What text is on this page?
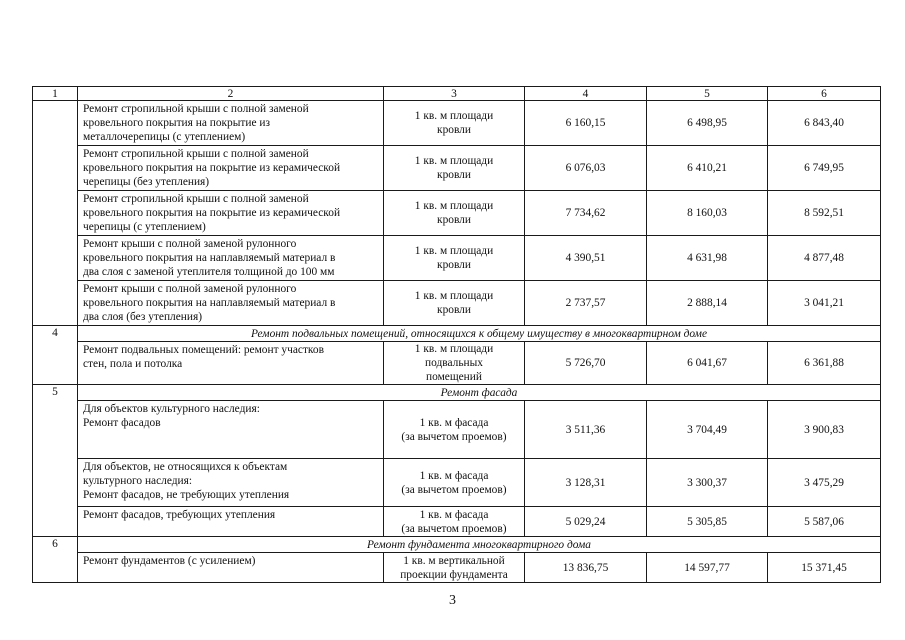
1	2	3	4	5	6
	Ремонт стропильной крыши с полной заменой
кровельного покрытия на покрытие из
металлочерепицы (с утеплением)	1 кв. м площади
кровли	6 160,15	6 498,95	6 843,40
	Ремонт стропильной крыши с полной заменой
кровельного покрытия на покрытие из керамической
черепицы (без утепления)	1 кв. м площади
кровли	6 076,03	6 410,21	6 749,95
	Ремонт стропильной крыши с полной заменой
кровельного покрытия на покрытие из керамической
черепицы (с утеплением)	1 кв. м площади
кровли	7 734,62	8 160,03	8 592,51
	Ремонт крыши с полной заменой рулонного
кровельного покрытия на наплавляемый материал в
два слоя с заменой утеплителя толщиной до 100 мм	1 кв. м площади
кровли	4 390,51	4 631,98	4 877,48
	Ремонт крыши с полной заменой рулонного
кровельного покрытия на наплавляемый материал в
два слоя (без утепления)	1 кв. м площади
кровли	2 737,57	2 888,14	3 041,21
4	Ремонт подвальных помещений, относящихся к общему имуществу в многоквартирном доме				
	Ремонт подвальных помещений: ремонт участков
стен, пола и потолка	1 кв. м площади
подвальных
помещений	5 726,70	6 041,67	6 361,88
5	Ремонт фасада				
	Для объектов культурного наследия:
Ремонт фасадов	1 кв. м фасада
(за вычетом проемов)	3 511,36	3 704,49	3 900,83
	Для объектов, не относящихся к объектам
культурного наследия:
Ремонт фасадов, не требующих утепления	1 кв. м фасада
(за вычетом проемов)	3 128,31	3 300,37	3 475,29
	Ремонт фасадов, требующих утепления	1 кв. м фасада
(за вычетом проемов)	5 029,24	5 305,85	5 587,06
6	Ремонт фундамента многоквартирного дома				
	Ремонт фундаментов (с усилением)	1 кв. м вертикальной
проекции фундамента	13 836,75	14 597,77	15 371,45
3
